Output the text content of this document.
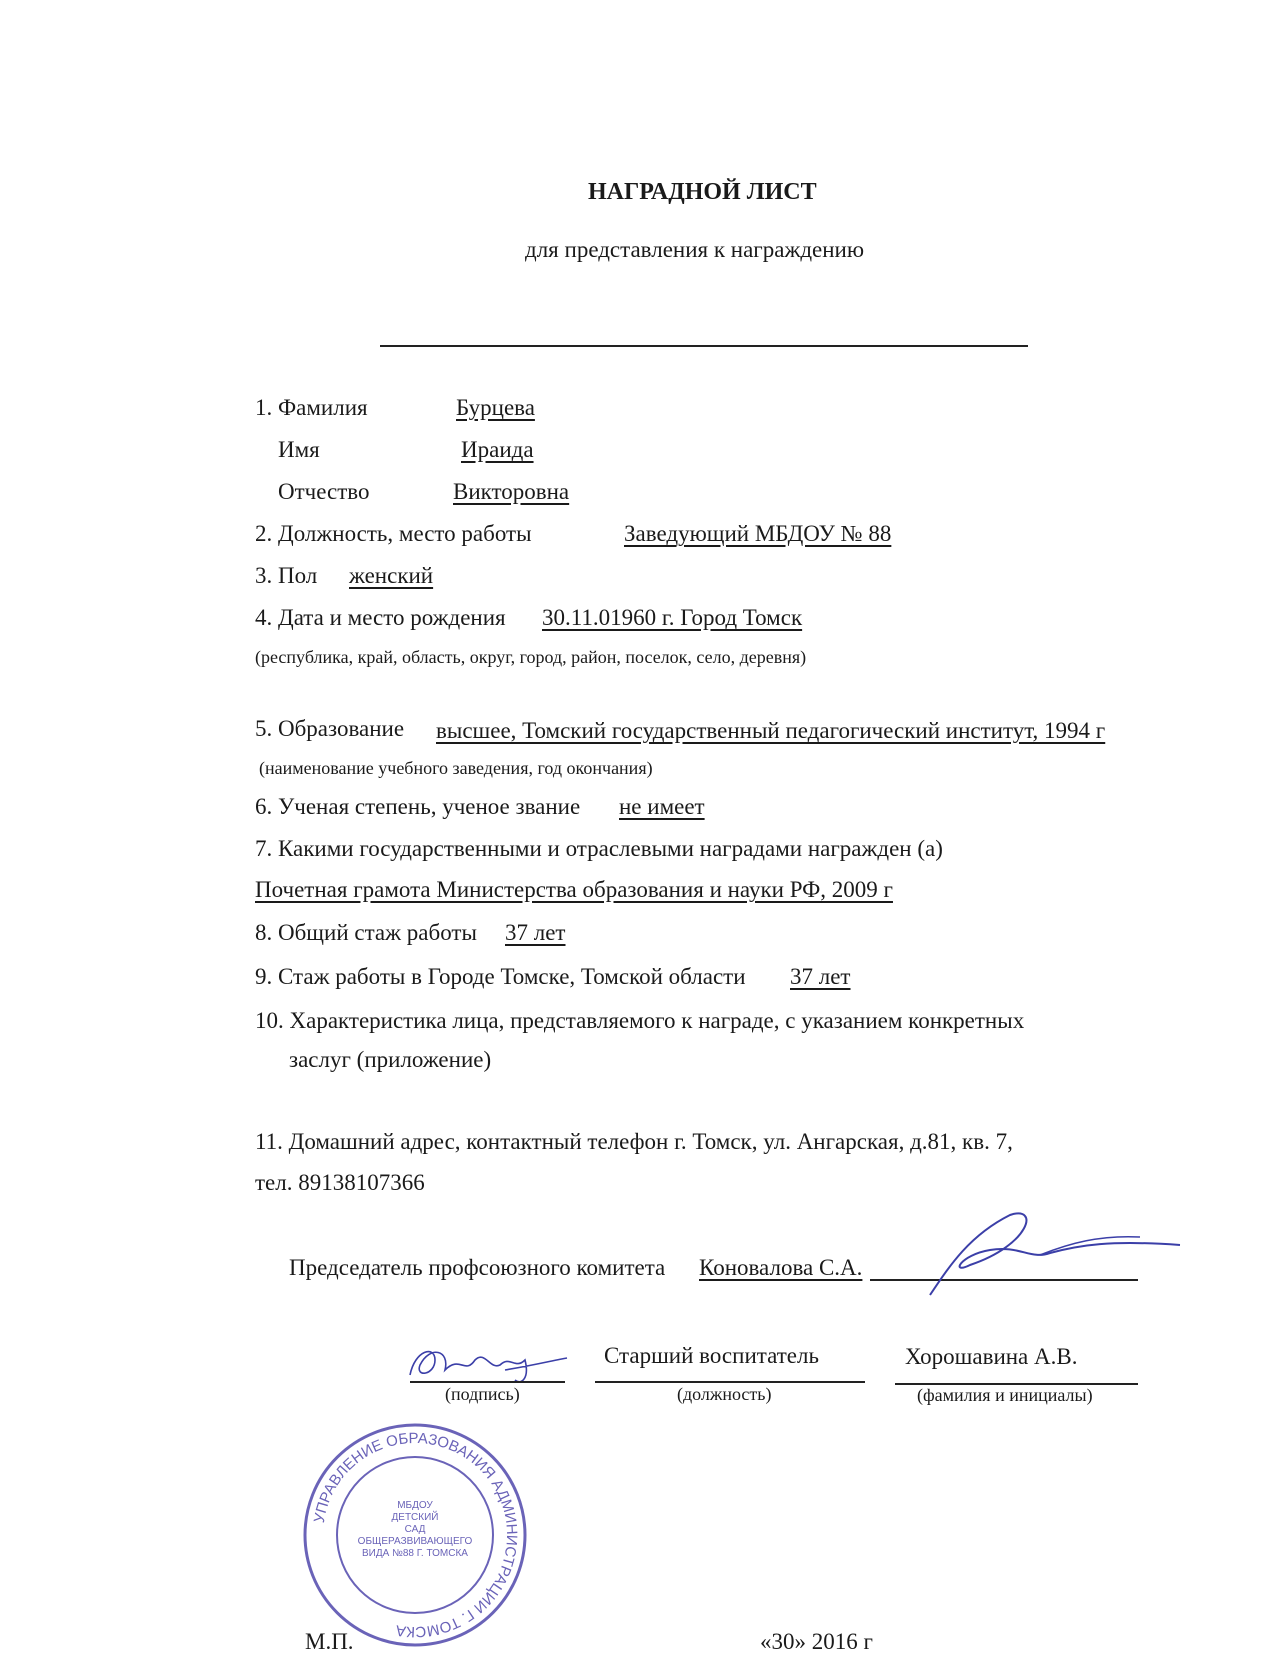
НАГРАДНОЙ ЛИСТ
для представления к награждению
1. Фамилия	Бурцева
Имя	Ираида
Отчество	Викторовна
2. Должность, место работы	Заведующий МБДОУ № 88
3. Пол женский
4. Дата и место рождения 30.11.01960 г. Город Томск
(республика, край, область, округ, город, район, поселок, село, деревня)
5. Образование высшее, Томский государственный педагогический институт, 1994 г
(наименование учебного заведения, год окончания)
6. Ученая степень, ученое звание не имеет
7. Какими государственными и отраслевыми наградами награжден (а)
Почетная грамота Министерства образования и науки РФ, 2009 г
8. Общий стаж работы 37 лет
9. Стаж работы в Городе Томске, Томской области 37 лет
10. Характеристика лица, представляемого к награде, с указанием конкретных
заслуг (приложение)
11. Домашний адрес, контактный телефон г. Томск, ул. Ангарская, д.81, кв. 7,
тел. 89138107366
Председатель профсоюзного комитета Коновалова С.А.
Старший воспитатель	Хорошавина А.В.
(подпись)	(должность)	(фамилия и инициалы)
УПРАВЛЕНИЕ ОБРАЗОВАНИЯ АДМИНИСТРАЦИИ Г. ТОМСКА
МБДОУ
ДЕТСКИЙ
САД
ОБЩЕРАЗВИВАЮЩЕГО
ВИДА №88 Г. ТОМСКА
М.П.	«30» 2016 г
